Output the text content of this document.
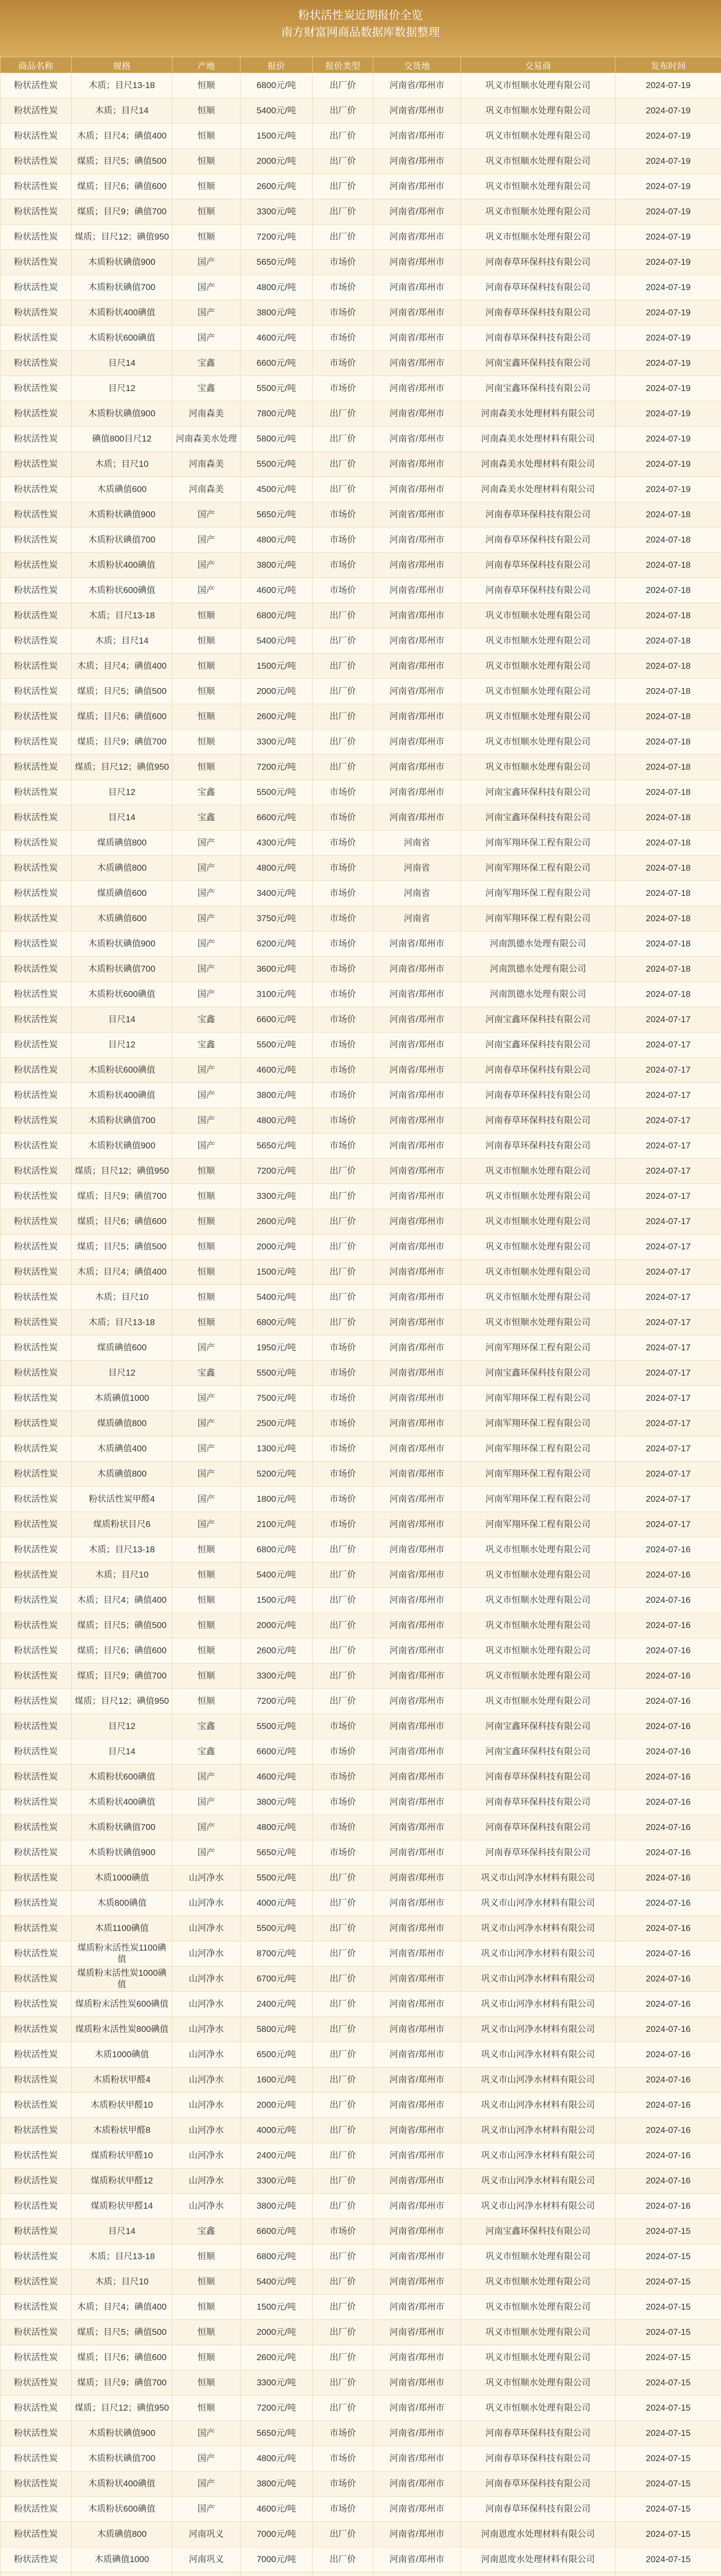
粉状活性炭近期报价全览
南方财富网商品数据库数据整理
商品名称	规格	产地	报价	报价类型	交货地	交易商	发布时间
粉状活性炭	木质；目尺13-18	恒顺	6800元/吨	出厂价	河南省/郑州市	巩义市恒顺水处理有限公司	2024-07-19
粉状活性炭	木质；目尺14	恒顺	5400元/吨	出厂价	河南省/郑州市	巩义市恒顺水处理有限公司	2024-07-19
粉状活性炭	木质；目尺4；碘值400	恒顺	1500元/吨	出厂价	河南省/郑州市	巩义市恒顺水处理有限公司	2024-07-19
粉状活性炭	煤质；目尺5；碘值500	恒顺	2000元/吨	出厂价	河南省/郑州市	巩义市恒顺水处理有限公司	2024-07-19
粉状活性炭	煤质；目尺6；碘值600	恒顺	2600元/吨	出厂价	河南省/郑州市	巩义市恒顺水处理有限公司	2024-07-19
粉状活性炭	煤质；目尺9；碘值700	恒顺	3300元/吨	出厂价	河南省/郑州市	巩义市恒顺水处理有限公司	2024-07-19
粉状活性炭	煤质；目尺12；碘值950	恒顺	7200元/吨	出厂价	河南省/郑州市	巩义市恒顺水处理有限公司	2024-07-19
粉状活性炭	木质粉状碘值900	国产	5650元/吨	市场价	河南省/郑州市	河南春草环保科技有限公司	2024-07-19
粉状活性炭	木质粉状碘值700	国产	4800元/吨	市场价	河南省/郑州市	河南春草环保科技有限公司	2024-07-19
粉状活性炭	木质粉状400碘值	国产	3800元/吨	市场价	河南省/郑州市	河南春草环保科技有限公司	2024-07-19
粉状活性炭	木质粉状600碘值	国产	4600元/吨	市场价	河南省/郑州市	河南春草环保科技有限公司	2024-07-19
粉状活性炭	目尺14	宝鑫	6600元/吨	市场价	河南省/郑州市	河南宝鑫环保科技有限公司	2024-07-19
粉状活性炭	目尺12	宝鑫	5500元/吨	市场价	河南省/郑州市	河南宝鑫环保科技有限公司	2024-07-19
粉状活性炭	木质粉状碘值900	河南森美	7800元/吨	出厂价	河南省/郑州市	河南森美水处理材料有限公司	2024-07-19
粉状活性炭	碘值800目尺12	河南森美水处理	5800元/吨	出厂价	河南省/郑州市	河南森美水处理材料有限公司	2024-07-19
粉状活性炭	木质；目尺10	河南森美	5500元/吨	出厂价	河南省/郑州市	河南森美水处理材料有限公司	2024-07-19
粉状活性炭	木质碘值600	河南森美	4500元/吨	出厂价	河南省/郑州市	河南森美水处理材料有限公司	2024-07-19
粉状活性炭	木质粉状碘值900	国产	5650元/吨	市场价	河南省/郑州市	河南春草环保科技有限公司	2024-07-18
粉状活性炭	木质粉状碘值700	国产	4800元/吨	市场价	河南省/郑州市	河南春草环保科技有限公司	2024-07-18
粉状活性炭	木质粉状400碘值	国产	3800元/吨	市场价	河南省/郑州市	河南春草环保科技有限公司	2024-07-18
粉状活性炭	木质粉状600碘值	国产	4600元/吨	市场价	河南省/郑州市	河南春草环保科技有限公司	2024-07-18
粉状活性炭	木质；目尺13-18	恒顺	6800元/吨	出厂价	河南省/郑州市	巩义市恒顺水处理有限公司	2024-07-18
粉状活性炭	木质；目尺14	恒顺	5400元/吨	出厂价	河南省/郑州市	巩义市恒顺水处理有限公司	2024-07-18
粉状活性炭	木质；目尺4；碘值400	恒顺	1500元/吨	出厂价	河南省/郑州市	巩义市恒顺水处理有限公司	2024-07-18
粉状活性炭	煤质；目尺5；碘值500	恒顺	2000元/吨	出厂价	河南省/郑州市	巩义市恒顺水处理有限公司	2024-07-18
粉状活性炭	煤质；目尺6；碘值600	恒顺	2600元/吨	出厂价	河南省/郑州市	巩义市恒顺水处理有限公司	2024-07-18
粉状活性炭	煤质；目尺9；碘值700	恒顺	3300元/吨	出厂价	河南省/郑州市	巩义市恒顺水处理有限公司	2024-07-18
粉状活性炭	煤质；目尺12；碘值950	恒顺	7200元/吨	出厂价	河南省/郑州市	巩义市恒顺水处理有限公司	2024-07-18
粉状活性炭	目尺12	宝鑫	5500元/吨	市场价	河南省/郑州市	河南宝鑫环保科技有限公司	2024-07-18
粉状活性炭	目尺14	宝鑫	6600元/吨	市场价	河南省/郑州市	河南宝鑫环保科技有限公司	2024-07-18
粉状活性炭	煤质碘值800	国产	4300元/吨	市场价	河南省	河南军翔环保工程有限公司	2024-07-18
粉状活性炭	木质碘值800	国产	4800元/吨	市场价	河南省	河南军翔环保工程有限公司	2024-07-18
粉状活性炭	煤质碘值600	国产	3400元/吨	市场价	河南省	河南军翔环保工程有限公司	2024-07-18
粉状活性炭	木质碘值600	国产	3750元/吨	市场价	河南省	河南军翔环保工程有限公司	2024-07-18
粉状活性炭	木质粉状碘值900	国产	6200元/吨	市场价	河南省/郑州市	河南凯德水处理有限公司	2024-07-18
粉状活性炭	木质粉状碘值700	国产	3600元/吨	市场价	河南省/郑州市	河南凯德水处理有限公司	2024-07-18
粉状活性炭	木质粉状600碘值	国产	3100元/吨	市场价	河南省/郑州市	河南凯德水处理有限公司	2024-07-18
粉状活性炭	目尺14	宝鑫	6600元/吨	市场价	河南省/郑州市	河南宝鑫环保科技有限公司	2024-07-17
粉状活性炭	目尺12	宝鑫	5500元/吨	市场价	河南省/郑州市	河南宝鑫环保科技有限公司	2024-07-17
粉状活性炭	木质粉状600碘值	国产	4600元/吨	市场价	河南省/郑州市	河南春草环保科技有限公司	2024-07-17
粉状活性炭	木质粉状400碘值	国产	3800元/吨	市场价	河南省/郑州市	河南春草环保科技有限公司	2024-07-17
粉状活性炭	木质粉状碘值700	国产	4800元/吨	市场价	河南省/郑州市	河南春草环保科技有限公司	2024-07-17
粉状活性炭	木质粉状碘值900	国产	5650元/吨	市场价	河南省/郑州市	河南春草环保科技有限公司	2024-07-17
粉状活性炭	煤质；目尺12；碘值950	恒顺	7200元/吨	出厂价	河南省/郑州市	巩义市恒顺水处理有限公司	2024-07-17
粉状活性炭	煤质；目尺9；碘值700	恒顺	3300元/吨	出厂价	河南省/郑州市	巩义市恒顺水处理有限公司	2024-07-17
粉状活性炭	煤质；目尺6；碘值600	恒顺	2600元/吨	出厂价	河南省/郑州市	巩义市恒顺水处理有限公司	2024-07-17
粉状活性炭	煤质；目尺5；碘值500	恒顺	2000元/吨	出厂价	河南省/郑州市	巩义市恒顺水处理有限公司	2024-07-17
粉状活性炭	木质；目尺4；碘值400	恒顺	1500元/吨	出厂价	河南省/郑州市	巩义市恒顺水处理有限公司	2024-07-17
粉状活性炭	木质；目尺10	恒顺	5400元/吨	出厂价	河南省/郑州市	巩义市恒顺水处理有限公司	2024-07-17
粉状活性炭	木质；目尺13-18	恒顺	6800元/吨	出厂价	河南省/郑州市	巩义市恒顺水处理有限公司	2024-07-17
粉状活性炭	煤质碘值600	国产	1950元/吨	市场价	河南省/郑州市	河南军翔环保工程有限公司	2024-07-17
粉状活性炭	目尺12	宝鑫	5500元/吨	市场价	河南省/郑州市	河南宝鑫环保科技有限公司	2024-07-17
粉状活性炭	木质碘值1000	国产	7500元/吨	市场价	河南省/郑州市	河南军翔环保工程有限公司	2024-07-17
粉状活性炭	煤质碘值800	国产	2500元/吨	市场价	河南省/郑州市	河南军翔环保工程有限公司	2024-07-17
粉状活性炭	木质碘值400	国产	1300元/吨	市场价	河南省/郑州市	河南军翔环保工程有限公司	2024-07-17
粉状活性炭	木质碘值800	国产	5200元/吨	市场价	河南省/郑州市	河南军翔环保工程有限公司	2024-07-17
粉状活性炭	粉状活性炭甲醛4	国产	1800元/吨	市场价	河南省/郑州市	河南军翔环保工程有限公司	2024-07-17
粉状活性炭	煤质粉状目尺6	国产	2100元/吨	市场价	河南省/郑州市	河南军翔环保工程有限公司	2024-07-17
粉状活性炭	木质；目尺13-18	恒顺	6800元/吨	出厂价	河南省/郑州市	巩义市恒顺水处理有限公司	2024-07-16
粉状活性炭	木质；目尺10	恒顺	5400元/吨	出厂价	河南省/郑州市	巩义市恒顺水处理有限公司	2024-07-16
粉状活性炭	木质；目尺4；碘值400	恒顺	1500元/吨	出厂价	河南省/郑州市	巩义市恒顺水处理有限公司	2024-07-16
粉状活性炭	煤质；目尺5；碘值500	恒顺	2000元/吨	出厂价	河南省/郑州市	巩义市恒顺水处理有限公司	2024-07-16
粉状活性炭	煤质；目尺6；碘值600	恒顺	2600元/吨	出厂价	河南省/郑州市	巩义市恒顺水处理有限公司	2024-07-16
粉状活性炭	煤质；目尺9；碘值700	恒顺	3300元/吨	出厂价	河南省/郑州市	巩义市恒顺水处理有限公司	2024-07-16
粉状活性炭	煤质；目尺12；碘值950	恒顺	7200元/吨	出厂价	河南省/郑州市	巩义市恒顺水处理有限公司	2024-07-16
粉状活性炭	目尺12	宝鑫	5500元/吨	市场价	河南省/郑州市	河南宝鑫环保科技有限公司	2024-07-16
粉状活性炭	目尺14	宝鑫	6600元/吨	市场价	河南省/郑州市	河南宝鑫环保科技有限公司	2024-07-16
粉状活性炭	木质粉状600碘值	国产	4600元/吨	市场价	河南省/郑州市	河南春草环保科技有限公司	2024-07-16
粉状活性炭	木质粉状400碘值	国产	3800元/吨	市场价	河南省/郑州市	河南春草环保科技有限公司	2024-07-16
粉状活性炭	木质粉状碘值700	国产	4800元/吨	市场价	河南省/郑州市	河南春草环保科技有限公司	2024-07-16
粉状活性炭	木质粉状碘值900	国产	5650元/吨	市场价	河南省/郑州市	河南春草环保科技有限公司	2024-07-16
粉状活性炭	木质1000碘值	山河净水	5500元/吨	出厂价	河南省/郑州市	巩义市山河净水材料有限公司	2024-07-16
粉状活性炭	木质800碘值	山河净水	4000元/吨	出厂价	河南省/郑州市	巩义市山河净水材料有限公司	2024-07-16
粉状活性炭	木质1100碘值	山河净水	5500元/吨	出厂价	河南省/郑州市	巩义市山河净水材料有限公司	2024-07-16
粉状活性炭	煤质粉末活性炭1100碘值	山河净水	8700元/吨	出厂价	河南省/郑州市	巩义市山河净水材料有限公司	2024-07-16
粉状活性炭	煤质粉末活性炭1000碘值	山河净水	6700元/吨	出厂价	河南省/郑州市	巩义市山河净水材料有限公司	2024-07-16
粉状活性炭	煤质粉末活性炭600碘值	山河净水	2400元/吨	出厂价	河南省/郑州市	巩义市山河净水材料有限公司	2024-07-16
粉状活性炭	煤质粉末活性炭800碘值	山河净水	5800元/吨	出厂价	河南省/郑州市	巩义市山河净水材料有限公司	2024-07-16
粉状活性炭	木质1000碘值	山河净水	6500元/吨	出厂价	河南省/郑州市	巩义市山河净水材料有限公司	2024-07-16
粉状活性炭	木质粉状甲醛4	山河净水	1600元/吨	出厂价	河南省/郑州市	巩义市山河净水材料有限公司	2024-07-16
粉状活性炭	木质粉状甲醛10	山河净水	2000元/吨	出厂价	河南省/郑州市	巩义市山河净水材料有限公司	2024-07-16
粉状活性炭	木质粉状甲醛8	山河净水	4000元/吨	出厂价	河南省/郑州市	巩义市山河净水材料有限公司	2024-07-16
粉状活性炭	煤质粉状甲醛10	山河净水	2400元/吨	出厂价	河南省/郑州市	巩义市山河净水材料有限公司	2024-07-16
粉状活性炭	煤质粉状甲醛12	山河净水	3300元/吨	出厂价	河南省/郑州市	巩义市山河净水材料有限公司	2024-07-16
粉状活性炭	煤质粉状甲醛14	山河净水	3800元/吨	出厂价	河南省/郑州市	巩义市山河净水材料有限公司	2024-07-16
粉状活性炭	目尺14	宝鑫	6600元/吨	市场价	河南省/郑州市	河南宝鑫环保科技有限公司	2024-07-15
粉状活性炭	木质；目尺13-18	恒顺	6800元/吨	出厂价	河南省/郑州市	巩义市恒顺水处理有限公司	2024-07-15
粉状活性炭	木质；目尺10	恒顺	5400元/吨	出厂价	河南省/郑州市	巩义市恒顺水处理有限公司	2024-07-15
粉状活性炭	木质；目尺4；碘值400	恒顺	1500元/吨	出厂价	河南省/郑州市	巩义市恒顺水处理有限公司	2024-07-15
粉状活性炭	煤质；目尺5；碘值500	恒顺	2000元/吨	出厂价	河南省/郑州市	巩义市恒顺水处理有限公司	2024-07-15
粉状活性炭	煤质；目尺6；碘值600	恒顺	2600元/吨	出厂价	河南省/郑州市	巩义市恒顺水处理有限公司	2024-07-15
粉状活性炭	煤质；目尺9；碘值700	恒顺	3300元/吨	出厂价	河南省/郑州市	巩义市恒顺水处理有限公司	2024-07-15
粉状活性炭	煤质；目尺12；碘值950	恒顺	7200元/吨	出厂价	河南省/郑州市	巩义市恒顺水处理有限公司	2024-07-15
粉状活性炭	木质粉状碘值900	国产	5650元/吨	市场价	河南省/郑州市	河南春草环保科技有限公司	2024-07-15
粉状活性炭	木质粉状碘值700	国产	4800元/吨	市场价	河南省/郑州市	河南春草环保科技有限公司	2024-07-15
粉状活性炭	木质粉状400碘值	国产	3800元/吨	市场价	河南省/郑州市	河南春草环保科技有限公司	2024-07-15
粉状活性炭	木质粉状600碘值	国产	4600元/吨	市场价	河南省/郑州市	河南春草环保科技有限公司	2024-07-15
粉状活性炭	木质碘值800	河南巩义	7000元/吨	出厂价	河南省/郑州市	河南恩度水处理材料有限公司	2024-07-15
粉状活性炭	木质碘值1000	河南巩义	7000元/吨	出厂价	河南省/郑州市	河南恩度水处理材料有限公司	2024-07-15
